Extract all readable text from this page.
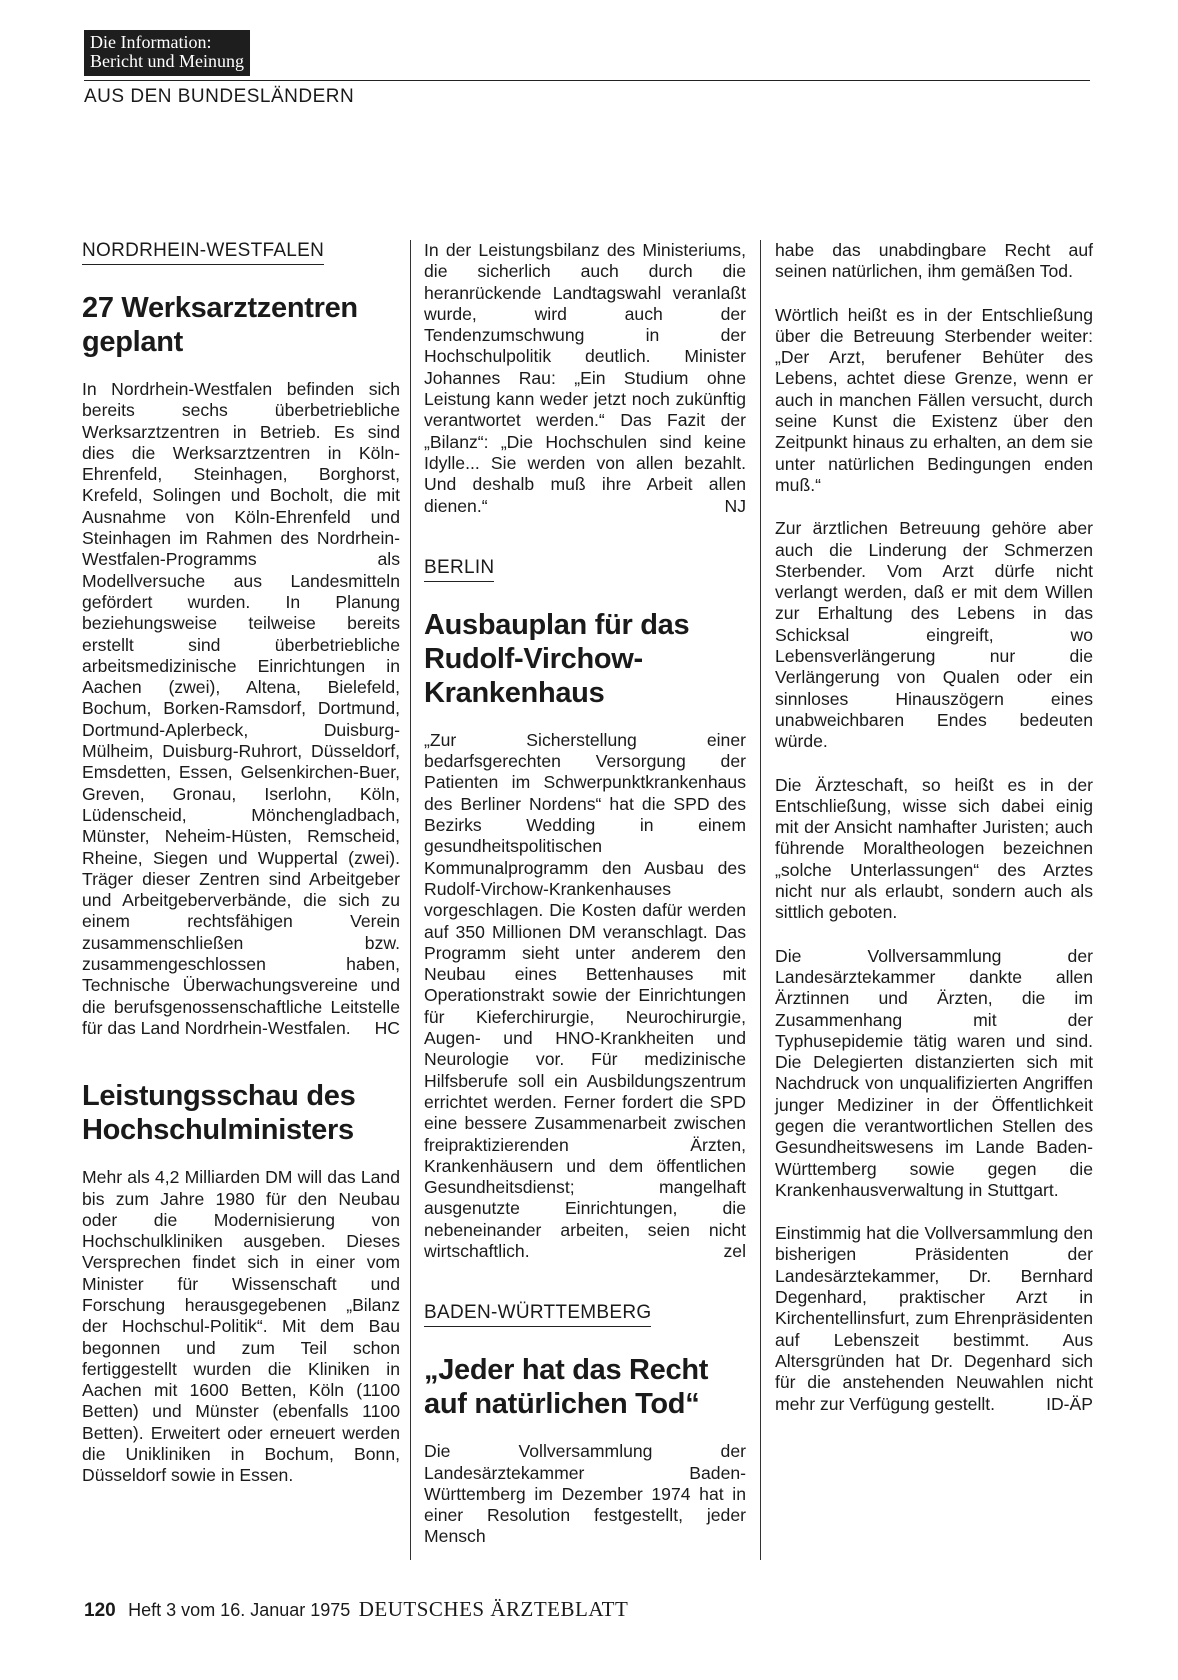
Die Information:
Bericht und Meinung
AUS DEN BUNDESLÄNDERN
NORDRHEIN-WESTFALEN
27 Werksarztzentren geplant

In Nordrhein-Westfalen befinden sich bereits sechs überbetriebliche Werksarztzentren in Betrieb. Es sind dies die Werksarztzentren in Köln-Ehrenfeld, Steinhagen, Borghorst, Krefeld, Solingen und Bocholt, die mit Ausnahme von Köln-Ehrenfeld und Steinhagen im Rahmen des Nordrhein-Westfalen-Programms als Modellversuche aus Landesmitteln gefördert wurden. In Planung beziehungsweise teilweise bereits erstellt sind überbetriebliche arbeitsmedizinische Einrichtungen in Aachen (zwei), Altena, Bielefeld, Bochum, Borken-Ramsdorf, Dortmund, Dortmund-Aplerbeck, Duisburg-Mülheim, Duisburg-Ruhrort, Düsseldorf, Emsdetten, Essen, Gelsenkirchen-Buer, Greven, Gronau, Iserlohn, Köln, Lüdenscheid, Mönchengladbach, Münster, Neheim-Hüsten, Remscheid, Rheine, Siegen und Wuppertal (zwei). Träger dieser Zentren sind Arbeitgeber und Arbeitgeberverbände, die sich zu einem rechtsfähigen Verein zusammenschließen bzw. zusammengeschlossen haben, Technische Überwachungsvereine und die berufsgenossenschaftliche Leitstelle für das Land Nordrhein-Westfalen. HC

Leistungsschau des Hochschulministers

Mehr als 4,2 Milliarden DM will das Land bis zum Jahre 1980 für den Neubau oder die Modernisierung von Hochschulkliniken ausgeben. Dieses Versprechen findet sich in einer vom Minister für Wissenschaft und Forschung herausgegebenen „Bilanz der Hochschul-Politik“. Mit dem Bau begonnen und zum Teil schon fertiggestellt wurden die Kliniken in Aachen mit 1600 Betten, Köln (1100 Betten) und Münster (ebenfalls 1100 Betten). Erweitert oder erneuert werden die Unikliniken in Bochum, Bonn, Düsseldorf sowie in Essen.

In der Leistungsbilanz des Ministeriums, die sicherlich auch durch die heranrückende Landtagswahl veranlaßt wurde, wird auch der Tendenzumschwung in der Hochschulpolitik deutlich. Minister Johannes Rau: „Ein Studium ohne Leistung kann weder jetzt noch zukünftig verantwortet werden.“ Das Fazit der „Bilanz“: „Die Hochschulen sind keine Idylle... Sie werden von allen bezahlt. Und deshalb muß ihre Arbeit allen dienen.“	NJ

BERLIN
Ausbauplan für das Rudolf-Virchow-Krankenhaus

„Zur Sicherstellung einer bedarfsgerechten Versorgung der Patienten im Schwerpunktkrankenhaus des Berliner Nordens“ hat die SPD des Bezirks Wedding in einem gesundheitspolitischen Kommunalprogramm den Ausbau des Rudolf-Virchow-Krankenhauses vorgeschlagen. Die Kosten dafür werden auf 350 Millionen DM veranschlagt. Das Programm sieht unter anderem den Neubau eines Bettenhauses mit Operationstrakt sowie der Einrichtungen für Kieferchirurgie, Neurochirurgie, Augen- und HNO-Krankheiten und Neurologie vor. Für medizinische Hilfsberufe soll ein Ausbildungszentrum errichtet werden. Ferner fordert die SPD eine bessere Zusammenarbeit zwischen freipraktizierenden Ärzten, Krankenhäusern und dem öffentlichen Gesundheitsdienst; mangelhaft ausgenutzte Einrichtungen, die nebeneinander arbeiten, seien nicht wirtschaftlich.	zel

BADEN-WÜRTTEMBERG
„Jeder hat das Recht auf natürlichen Tod“

Die Vollversammlung der Landesärztekammer Baden-Württemberg im Dezember 1974 hat in einer Resolution festgestellt, jeder Mensch

habe das unabdingbare Recht auf seinen natürlichen, ihm gemäßen Tod.

Wörtlich heißt es in der Entschließung über die Betreuung Sterbender weiter: „Der Arzt, berufener Behüter des Lebens, achtet diese Grenze, wenn er auch in manchen Fällen versucht, durch seine Kunst die Existenz über den Zeitpunkt hinaus zu erhalten, an dem sie unter natürlichen Bedingungen enden muß.“

Zur ärztlichen Betreuung gehöre aber auch die Linderung der Schmerzen Sterbender. Vom Arzt dürfe nicht verlangt werden, daß er mit dem Willen zur Erhaltung des Lebens in das Schicksal eingreift, wo Lebensverlängerung nur die Verlängerung von Qualen oder ein sinnloses Hinauszögern eines unabweichbaren Endes bedeuten würde.

Die Ärzteschaft, so heißt es in der Entschließung, wisse sich dabei einig mit der Ansicht namhafter Juristen; auch führende Moraltheologen bezeichnen „solche Unterlassungen“ des Arztes nicht nur als erlaubt, sondern auch als sittlich geboten.

Die Vollversammlung der Landesärztekammer dankte allen Ärztinnen und Ärzten, die im Zusammenhang mit der Typhusepidemie tätig waren und sind. Die Delegierten distanzierten sich mit Nachdruck von unqualifizierten Angriffen junger Mediziner in der Öffentlichkeit gegen die verantwortlichen Stellen des Gesundheitswesens im Lande Baden-Württemberg sowie gegen die Krankenhausverwaltung in Stuttgart.

Einstimmig hat die Vollversammlung den bisherigen Präsidenten der Landesärztekammer, Dr. Bernhard Degenhard, praktischer Arzt in Kirchentellinsfurt, zum Ehrenpräsidenten auf Lebenszeit bestimmt. Aus Altersgründen hat Dr. Degenhard sich für die anstehenden Neuwahlen nicht mehr zur Verfügung gestellt.	ID-ÄP

120 Heft 3 vom 16. Januar 1975 DEUTSCHES ÄRZTEBLATT
